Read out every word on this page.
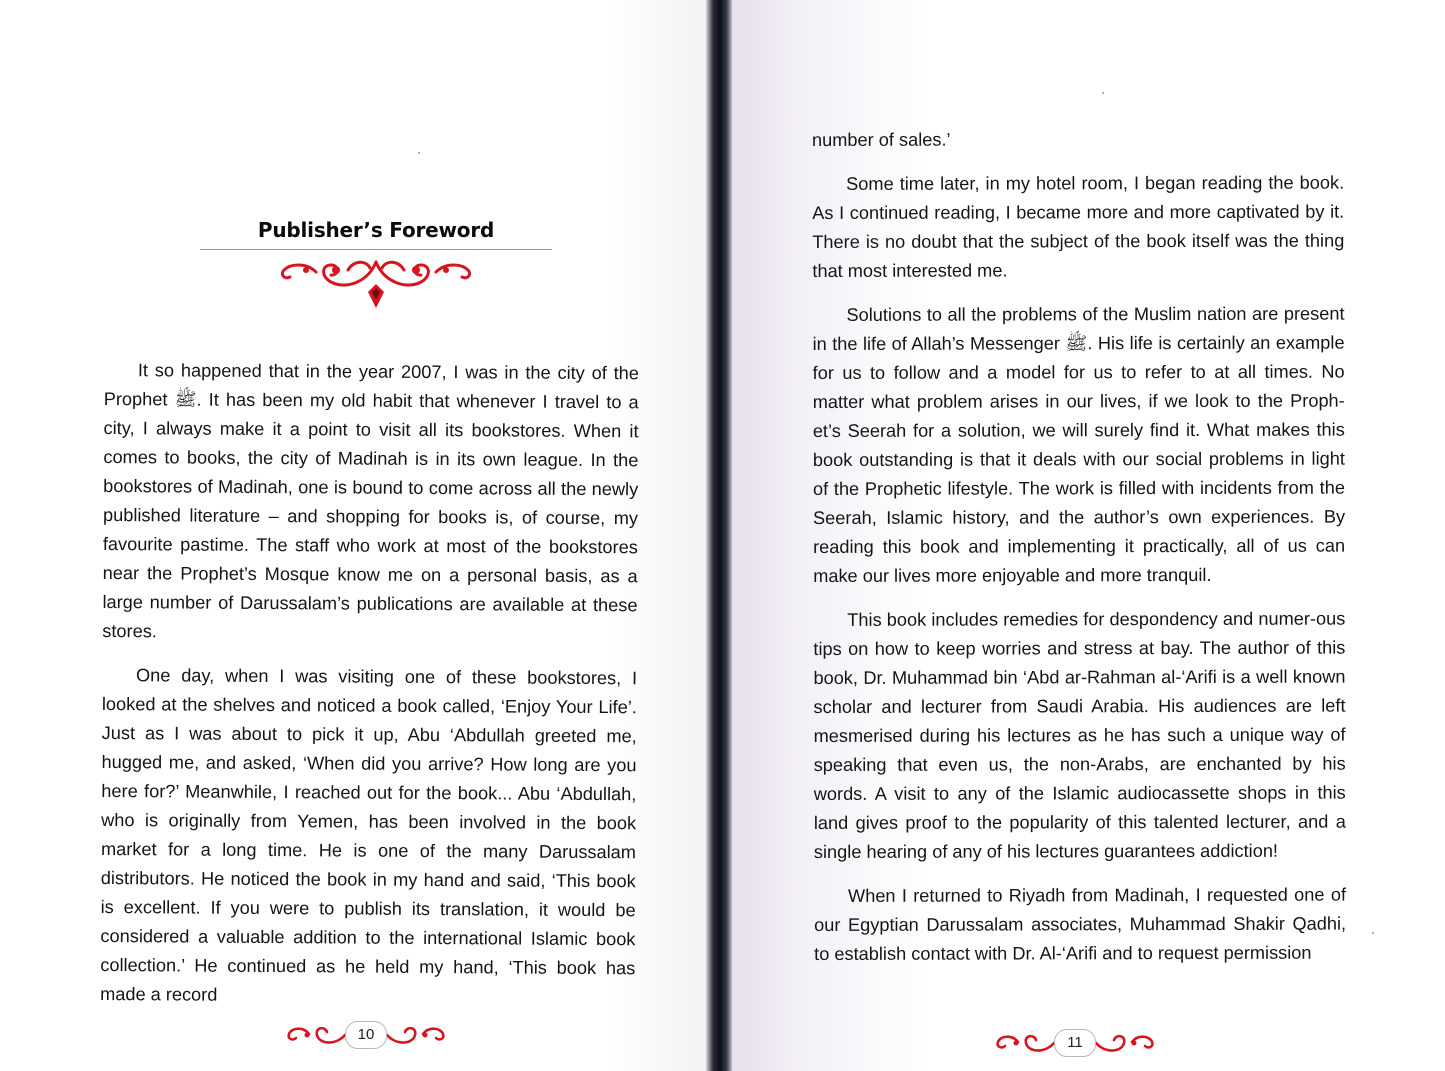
Publisher’s Foreword

It so happened that in the year 2007, I was in the city of the Prophet ﷺ. It has been my old habit that whenever I travel to a city, I always make it a point to visit all its bookstores. When it comes to books, the city of Madinah is in its own league. In the bookstores of Madinah, one is bound to come across all the newly published literature – and shopping for books is, of course, my favourite pastime. The staff who work at most of the bookstores near the Prophet’s Mosque know me on a personal basis, as a large number of Darussalam’s publications are available at these stores.

One day, when I was visiting one of these bookstores, I looked at the shelves and noticed a book called, ‘Enjoy Your Life’. Just as I was about to pick it up, Abu ‘Abdullah greeted me, hugged me, and asked, ‘When did you arrive? How long are you here for?’ Meanwhile, I reached out for the book... Abu ‘Abdullah, who is originally from Yemen, has been involved in the book market for a long time. He is one of the many Darussalam distributors. He noticed the book in my hand and said, ‘This book is excellent. If you were to publish its translation, it would be considered a valuable addition to the international Islamic book collection.’ He continued as he held my hand, ‘This book has made a record

10

number of sales.’

Some time later, in my hotel room, I began reading the book. As I continued reading, I became more and more captivated by it. There is no doubt that the subject of the book itself was the thing that most interested me.

Solutions to all the problems of the Muslim nation are present in the life of Allah’s Messenger ﷺ. His life is certainly an example for us to follow and a model for us to refer to at all times. No matter what problem arises in our lives, if we look to the Proph-et’s Seerah for a solution, we will surely find it. What makes this book outstanding is that it deals with our social problems in light of the Prophetic lifestyle. The work is filled with incidents from the Seerah, Islamic history, and the author’s own experiences. By reading this book and implementing it practically, all of us can make our lives more enjoyable and more tranquil.

This book includes remedies for despondency and numer-ous tips on how to keep worries and stress at bay. The author of this book, Dr. Muhammad bin ‘Abd ar-Rahman al-‘Arifi is a well known scholar and lecturer from Saudi Arabia. His audiences are left mesmerised during his lectures as he has such a unique way of speaking that even us, the non-Arabs, are enchanted by his words. A visit to any of the Islamic audiocassette shops in this land gives proof to the popularity of this talented lecturer, and a single hearing of any of his lectures guarantees addiction!

When I returned to Riyadh from Madinah, I requested one of our Egyptian Darussalam associates, Muhammad Shakir Qadhi, to establish contact with Dr. Al-‘Arifi and to request permission

11
